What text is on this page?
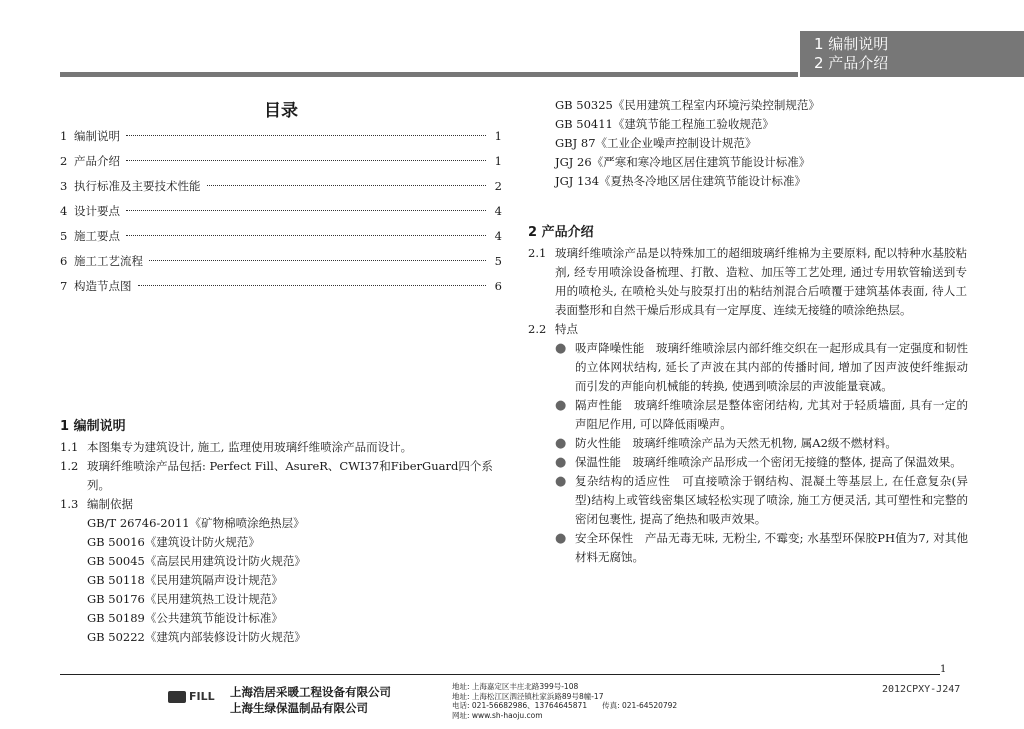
1 编制说明
2 产品介绍
目录
1 编制说明	1
2 产品介绍	1
3 执行标准及主要技术性能	2
4 设计要点	4
5 施工要点	4
6 施工工艺流程	5
7 构造节点图	6
1 编制说明
1.1 本图集专为建筑设计, 施工, 监理使用玻璃纤维喷涂产品而设计。
1.2 玻璃纤维喷涂产品包括: Perfect Fill、AsureR、CWI37和FiberGuard四个系列。
1.3 编制依据
GB/T 26746-2011《矿物棉喷涂绝热层》
GB 50016《建筑设计防火规范》
GB 50045《高层民用建筑设计防火规范》
GB 50118《民用建筑隔声设计规范》
GB 50176《民用建筑热工设计规范》
GB 50189《公共建筑节能设计标准》
GB 50222《建筑内部装修设计防火规范》
GB 50325《民用建筑工程室内环境污染控制规范》
GB 50411《建筑节能工程施工验收规范》
GBJ 87《工业企业噪声控制设计规范》
JGJ 26《严寒和寒冷地区居住建筑节能设计标准》
JGJ 134《夏热冬冷地区居住建筑节能设计标准》
2 产品介绍
2.1 玻璃纤维喷涂产品是以特殊加工的超细玻璃纤维棉为主要原料, 配以特种水基胶粘剂, 经专用喷涂设备梳理、打散、造粒、加压等工艺处理, 通过专用软管输送到专用的喷枪头, 在喷枪头处与胶泵打出的粘结剂混合后喷覆于建筑基体表面, 待人工表面整形和自然干燥后形成具有一定厚度、连续无接缝的喷涂绝热层。
2.2 特点
● 吸声降噪性能　玻璃纤维喷涂层内部纤维交织在一起形成具有一定强度和韧性的立体网状结构, 延长了声波在其内部的传播时间, 增加了因声波使纤维振动而引发的声能向机械能的转换, 使遇到喷涂层的声波能量衰减。
● 隔声性能　玻璃纤维喷涂层是整体密闭结构, 尤其对于轻质墙面, 具有一定的声阻尼作用, 可以降低雨噪声。
● 防火性能　玻璃纤维喷涂产品为天然无机物, 属A2级不燃材料。
● 保温性能　玻璃纤维喷涂产品形成一个密闭无接缝的整体, 提高了保温效果。
● 复杂结构的适应性　可直接喷涂于钢结构、混凝土等基层上, 在任意复杂(异型)结构上或管线密集区域轻松实现了喷涂, 施工方便灵活, 其可塑性和完整的密闭包裹性, 提高了绝热和吸声效果。
● 安全环保性　产品无毒无味, 无粉尘, 不霉变; 水基型环保胶PH值为7, 对其他材料无腐蚀。
1
FILL 上海浩居采暖工程设备有限公司
上海生绿保温制品有限公司
地址: 上海嘉定区丰庄北路399号-108
地址: 上海松江区泗泾镇杜家浜路89号8幢-17
电话: 021-56682986、13764645871　　传真: 021-64520792
网址: www.sh-haoju.com
2012CPXY-J247
